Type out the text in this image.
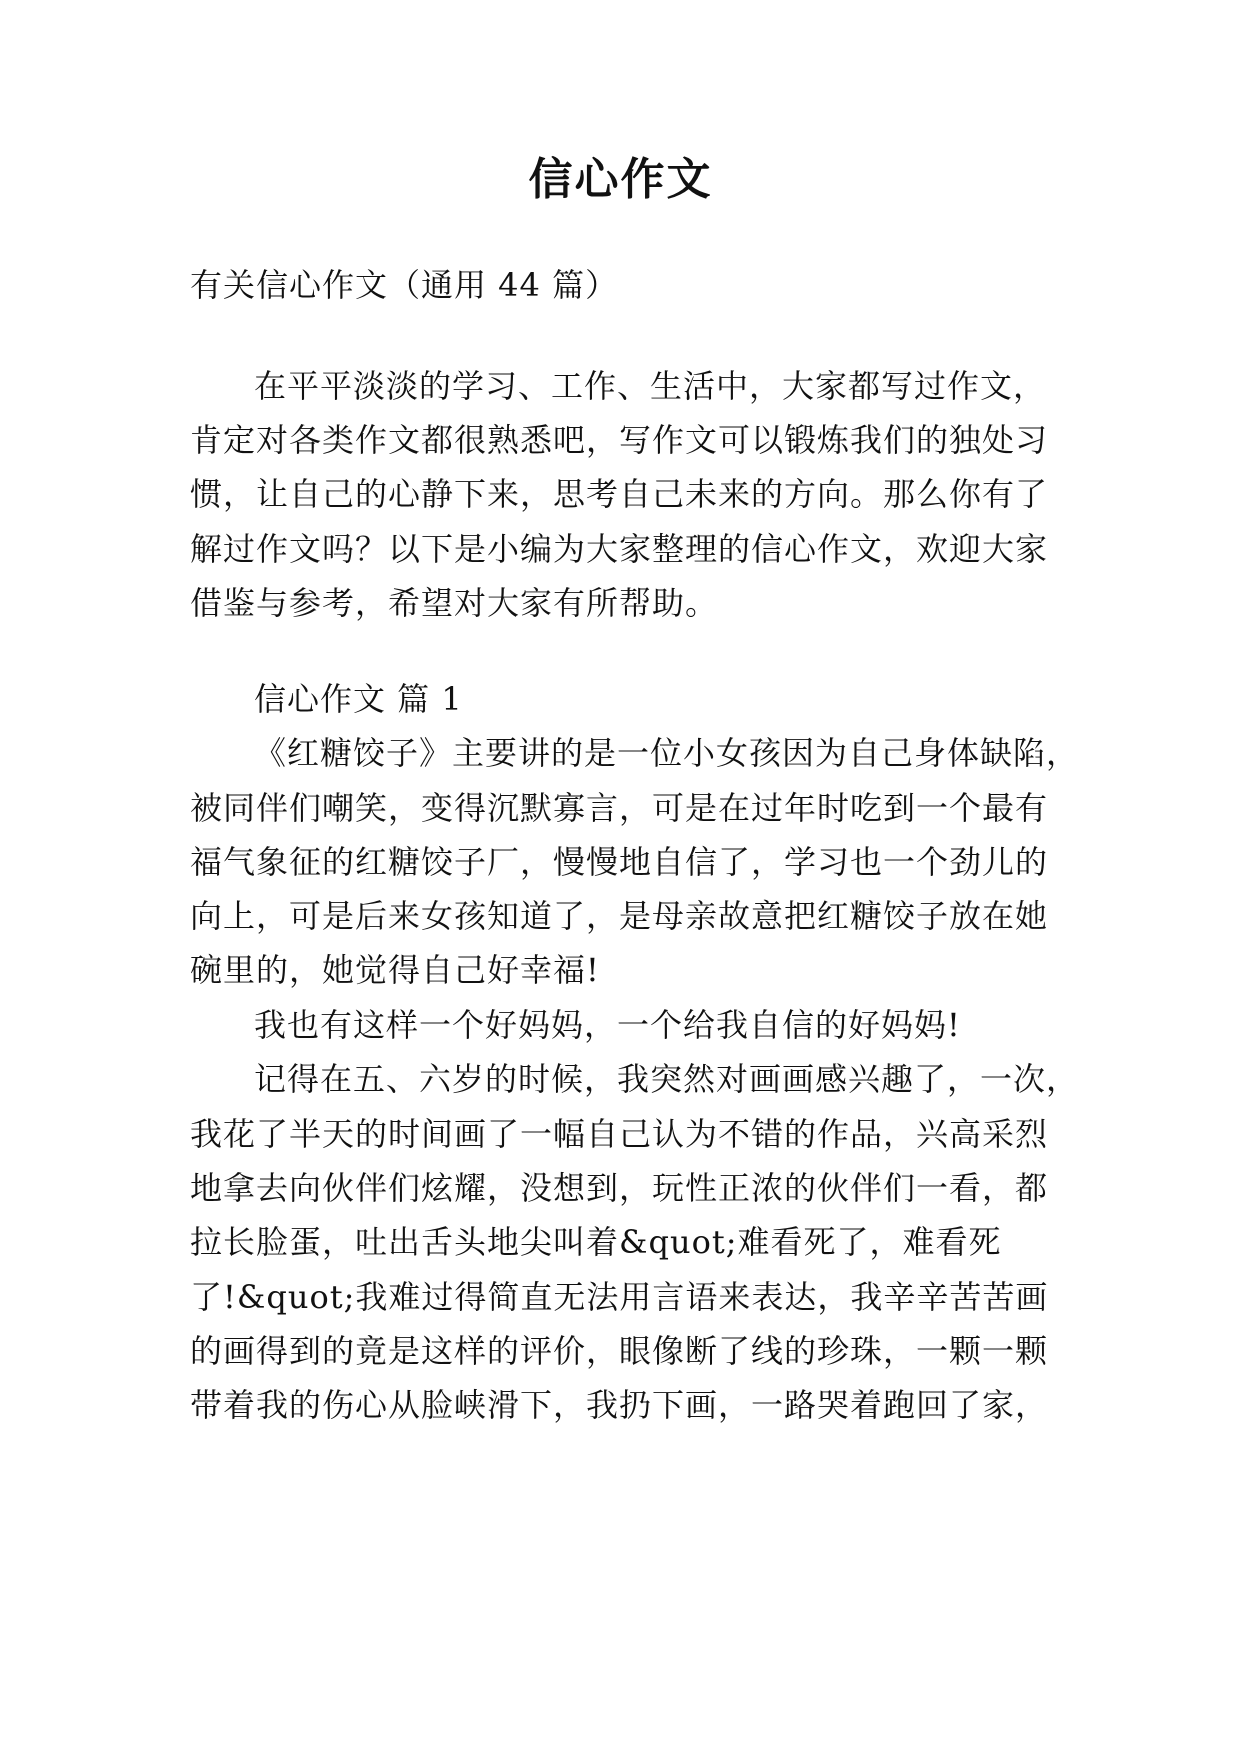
信心作文
有关信心作文（通用 44 篇）
在平平淡淡的学习、工作、生活中，大家都写过作文，
肯定对各类作文都很熟悉吧，写作文可以锻炼我们的独处习
惯，让自己的心静下来，思考自己未来的方向。那么你有了
解过作文吗？以下是小编为大家整理的信心作文，欢迎大家
借鉴与参考，希望对大家有所帮助。
信心作文 篇 1
《红糖饺子》主要讲的是一位小女孩因为自己身体缺陷，
被同伴们嘲笑，变得沉默寡言，可是在过年时吃到一个最有
福气象征的红糖饺子厂，慢慢地自信了，学习也一个劲儿的
向上，可是后来女孩知道了，是母亲故意把红糖饺子放在她
碗里的，她觉得自己好幸福!
我也有这样一个好妈妈，一个给我自信的好妈妈!
记得在五、六岁的时候，我突然对画画感兴趣了，一次，
我花了半天的时间画了一幅自己认为不错的作品，兴高采烈
地拿去向伙伴们炫耀，没想到，玩性正浓的伙伴们一看，都
拉长脸蛋，吐出舌头地尖叫着&quot;难看死了，难看死
了!&quot;我难过得简直无法用言语来表达，我辛辛苦苦画
的画得到的竟是这样的评价，眼像断了线的珍珠，一颗一颗
带着我的伤心从脸峡滑下，我扔下画，一路哭着跑回了家，
